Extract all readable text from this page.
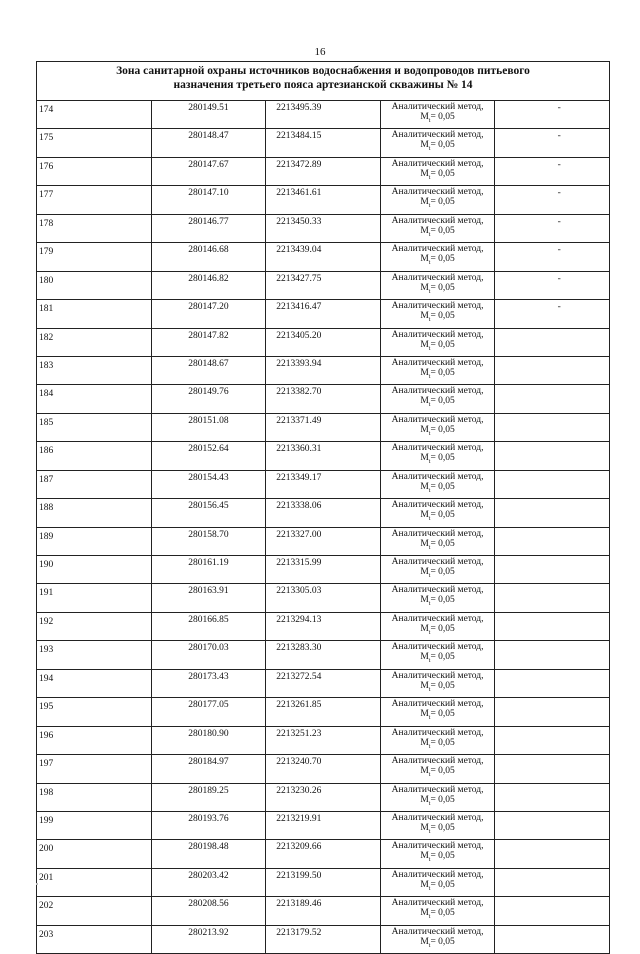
16
Зона санитарной охраны источников водоснабжения и водопроводов питьевого
назначения третьего пояса артезианской скважины № 14				

174	280149.51	2213495.39	Аналитический метод,
$M_t= 0,05$	-
175	280148.47	2213484.15	Аналитический метод,
$M_t= 0,05$	-
176	280147.67	2213472.89	Аналитический метод,
$M_t= 0,05$	-
177	280147.10	2213461.61	Аналитический метод,
$M_t= 0,05$	-
178	280146.77	2213450.33	Аналитический метод,
$M_t= 0,05$	-
179	280146.68	2213439.04	Аналитический метод,
$M_t= 0,05$	-
180	280146.82	2213427.75	Аналитический метод,
$M_t= 0,05$	-
181	280147.20	2213416.47	Аналитический метод,
$M_t= 0,05$	-
182	280147.82	2213405.20	Аналитический метод,
$M_t= 0,05$	

183	280148.67	2213393.94	Аналитический метод,
$M_t= 0,05$	

184	280149.76	2213382.70	Аналитический метод,
$M_t= 0,05$	

185	280151.08	2213371.49	Аналитический метод,
$M_t= 0,05$	

186	280152.64	2213360.31	Аналитический метод,
$M_t= 0,05$	

187	280154.43	2213349.17	Аналитический метод,
$M_t= 0,05$	

188	280156.45	2213338.06	Аналитический метод,
$M_t= 0,05$	

189	280158.70	2213327.00	Аналитический метод,
$M_t= 0,05$	

190	280161.19	2213315.99	Аналитический метод,
$M_t= 0,05$	

191	280163.91	2213305.03	Аналитический метод,
$M_t= 0,05$	

192	280166.85	2213294.13	Аналитический метод,
$M_t= 0,05$	

193	280170.03	2213283.30	Аналитический метод,
$M_t= 0,05$	

194	280173.43	2213272.54	Аналитический метод,
$M_t= 0,05$	

195	280177.05	2213261.85	Аналитический метод,
$M_t= 0,05$	

196	280180.90	2213251.23	Аналитический метод,
$M_t= 0,05$	

197	280184.97	2213240.70	Аналитический метод,
$M_t= 0,05$	

198	280189.25	2213230.26	Аналитический метод,
$M_t= 0,05$	

199	280193.76	2213219.91	Аналитический метод,
$M_t= 0,05$	

200	280198.48	2213209.66	Аналитический метод,
$M_t= 0,05$	

201	280203.42	2213199.50	Аналитический метод,
$M_t= 0,05$	

202	280208.56	2213189.46	Аналитический метод,
$M_t= 0,05$	

203	280213.92	2213179.52	Аналитический метод,
$M_t= 0,05$	
